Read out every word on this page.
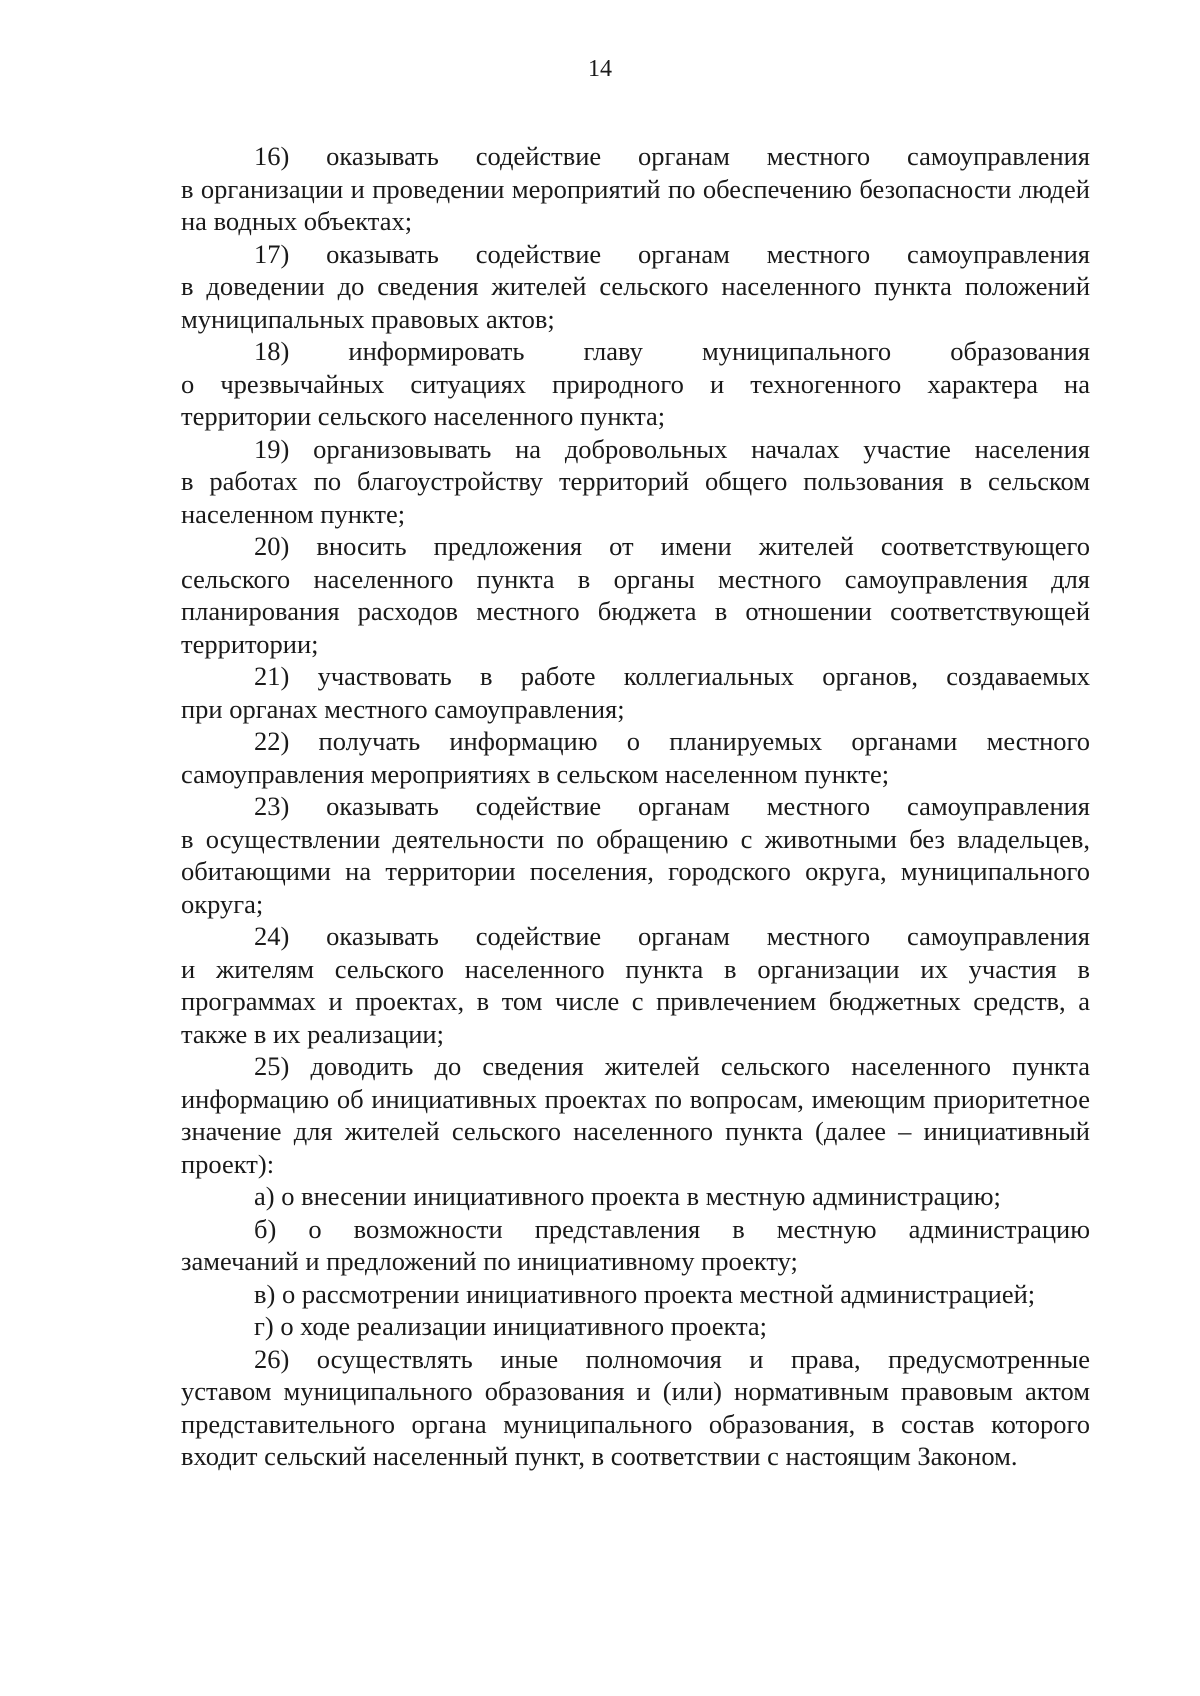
14

16) оказывать содействие органам местного самоуправления
в организации и проведении мероприятий по обеспечению безопасности людей на водных объектах;

17) оказывать содействие органам местного самоуправления
в доведении до сведения жителей сельского населенного пункта положений муниципальных правовых актов;

18) информировать главу муниципального образования
о чрезвычайных ситуациях природного и техногенного характера на территории сельского населенного пункта;

19) организовывать на добровольных началах участие населения
в работах по благоустройству территорий общего пользования в сельском населенном пункте;

20) вносить предложения от имени жителей соответствующего
сельского населенного пункта в органы местного самоуправления для планирования расходов местного бюджета в отношении соответствующей территории;

21) участвовать в работе коллегиальных органов, создаваемых
при органах местного самоуправления;

22) получать информацию о планируемых органами местного
самоуправления мероприятиях в сельском населенном пункте;

23) оказывать содействие органам местного самоуправления
в осуществлении деятельности по обращению с животными без владельцев, обитающими на территории поселения, городского округа, муниципального округа;

24) оказывать содействие органам местного самоуправления
и жителям сельского населенного пункта в организации их участия в программах и проектах, в том числе с привлечением бюджетных средств, а также в их реализации;

25) доводить до сведения жителей сельского населенного пункта
информацию об инициативных проектах по вопросам, имеющим приоритетное значение для жителей сельского населенного пункта (далее – инициативный проект):

а) о внесении инициативного проекта в местную администрацию;

б) о возможности представления в местную администрацию
замечаний и предложений по инициативному проекту;

в) о рассмотрении инициативного проекта местной администрацией;

г) о ходе реализации инициативного проекта;

26) осуществлять иные полномочия и права, предусмотренные
уставом муниципального образования и (или) нормативным правовым актом представительного органа муниципального образования, в состав которого входит сельский населенный пункт, в соответствии с настоящим Законом.
